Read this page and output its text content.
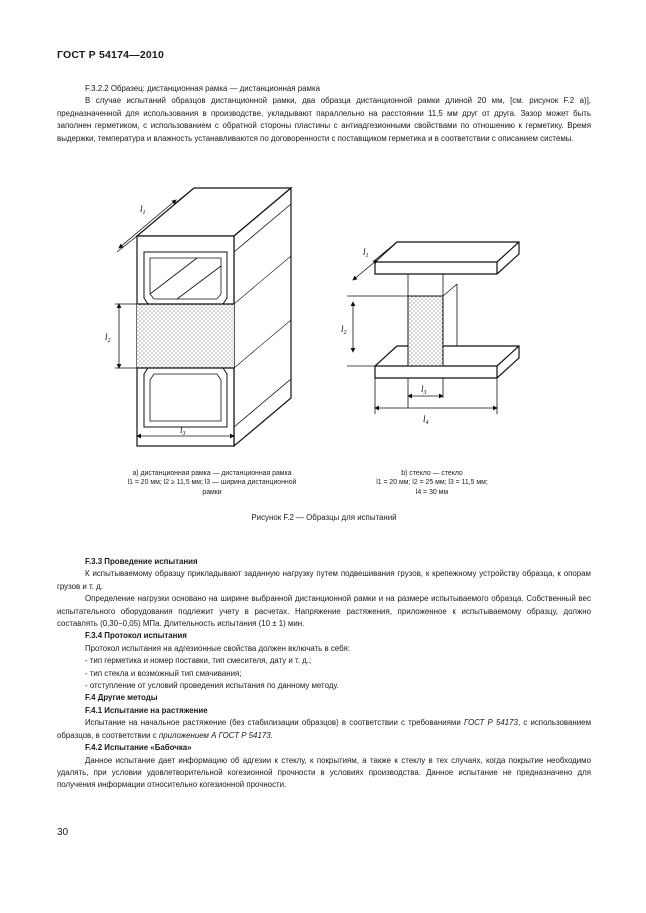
ГОСТ Р 54174—2010

F.3.2.2 Образец: дистанционная рамка — дистанционная рамка

В случае испытаний образцов дистанционной рамки, два образца дистанционной рамки длиной 20 мм, [см. рисунок F.2 а)], предназначенной для использования в производстве, укладывают параллельно на расстоянии 11,5 мм друг от друга. Зазор может быть заполнен герметиком, с использованием с обратной стороны пластины с антиадгезионными свойствами по отношению к герметику. Время выдержки, температура и влажность устанавливаются по договоренности с поставщиком герметика и в соответствии с описанием системы.

$l_1$
$l_2$
$l_3$
$l_1$
$l_2$
$l_3$
$l_4$
а) дистанционная рамка — дистанционная рамка	b) стекло — стекло
l1 = 20 мм; l2 ≥ 11,5 мм; l3 — ширина дистанционной
рамки
l1 = 20 мм; l2 = 25 мм; l3 = 11,5 мм;
l4 = 30 мм
Рисунок F.2 — Образцы для испытаний

F.3.3 Проведение испытания

К испытываемому образцу прикладывают заданную нагрузку путем подвешивания грузов, к крепежному устройству образца, к опорам грузов и т. д.

Определение нагрузки основано на ширине выбранной дистанционной рамки и на размере испытываемого образца. Собственный вес испытательного оборудования подлежит учету в расчетах. Напряжение растяжения, приложенное к испытываемому образцу, должно составлять (0,30−0,05) МПа. Длительность испытания (10 ± 1) мин.

F.3.4 Протокол испытания

Протокол испытания на адгезионные свойства должен включать в себя:

- тип герметика и номер поставки, тип смесителя, дату и т. д.;

- тип стекла и возможный тип смачивания;

- отступление от условий проведения испытания по данному методу.

F.4 Другие методы

F.4.1 Испытание на растяжение

Испытание на начальное растяжение (без стабилизации образцов) в соответствии с требованиями ГОСТ Р 54173, с использованием образцов, в соответствии с приложением А ГОСТ Р 54173.

F.4.2 Испытание «Бабочка»

Данное испытание дает информацию об адгезии к стеклу, к покрытиям, а также к стеклу в тех случаях, когда покрытие необходимо удалять, при условии удовлетворительной когезионной прочности в условиях производства. Данное испытание не предназначено для получения информации относительно когезионной прочности.

30
